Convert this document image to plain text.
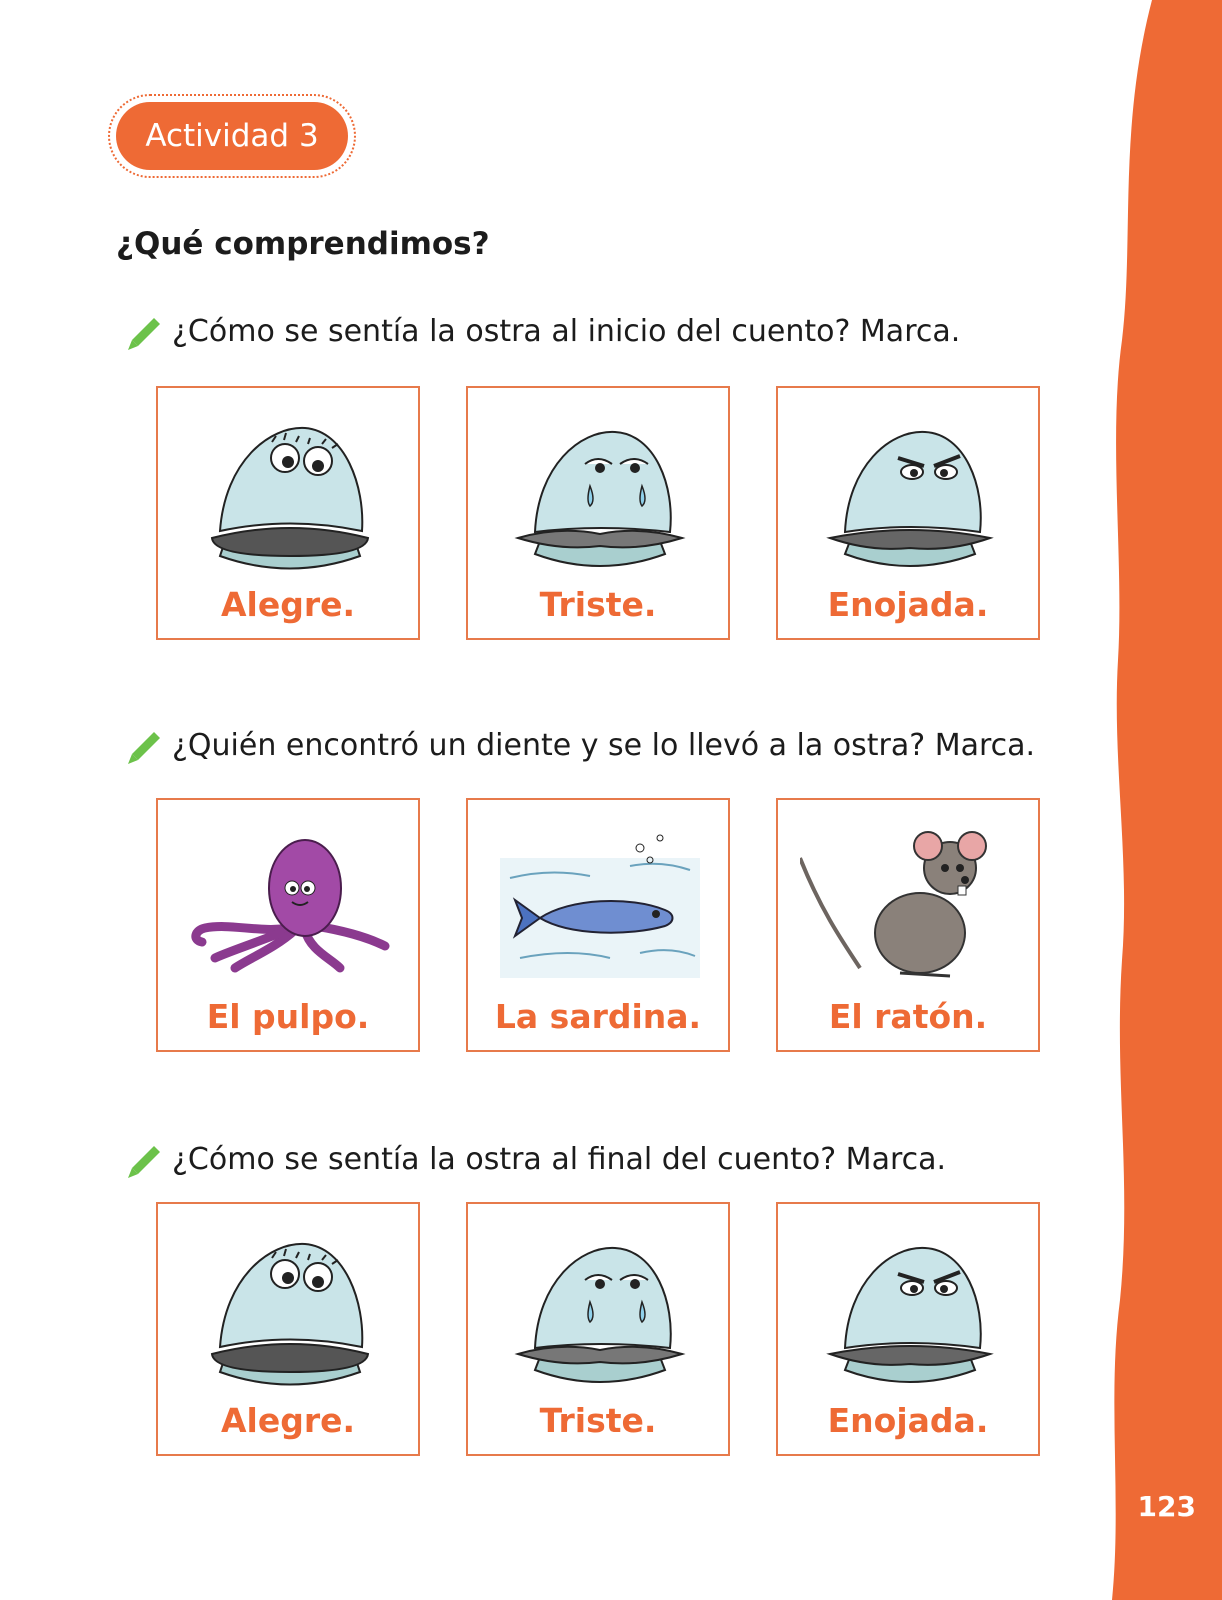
Actividad 3
¿Qué comprendimos?
¿Cómo se sentía la ostra al inicio del cuento? Marca.
Alegre.	Triste.	Enojada.
¿Quién encontró un diente y se lo llevó a la ostra? Marca.
El pulpo.	La sardina.	El ratón.
¿Cómo se sentía la ostra al final del cuento? Marca.
Alegre.	Triste.	Enojada.
123
